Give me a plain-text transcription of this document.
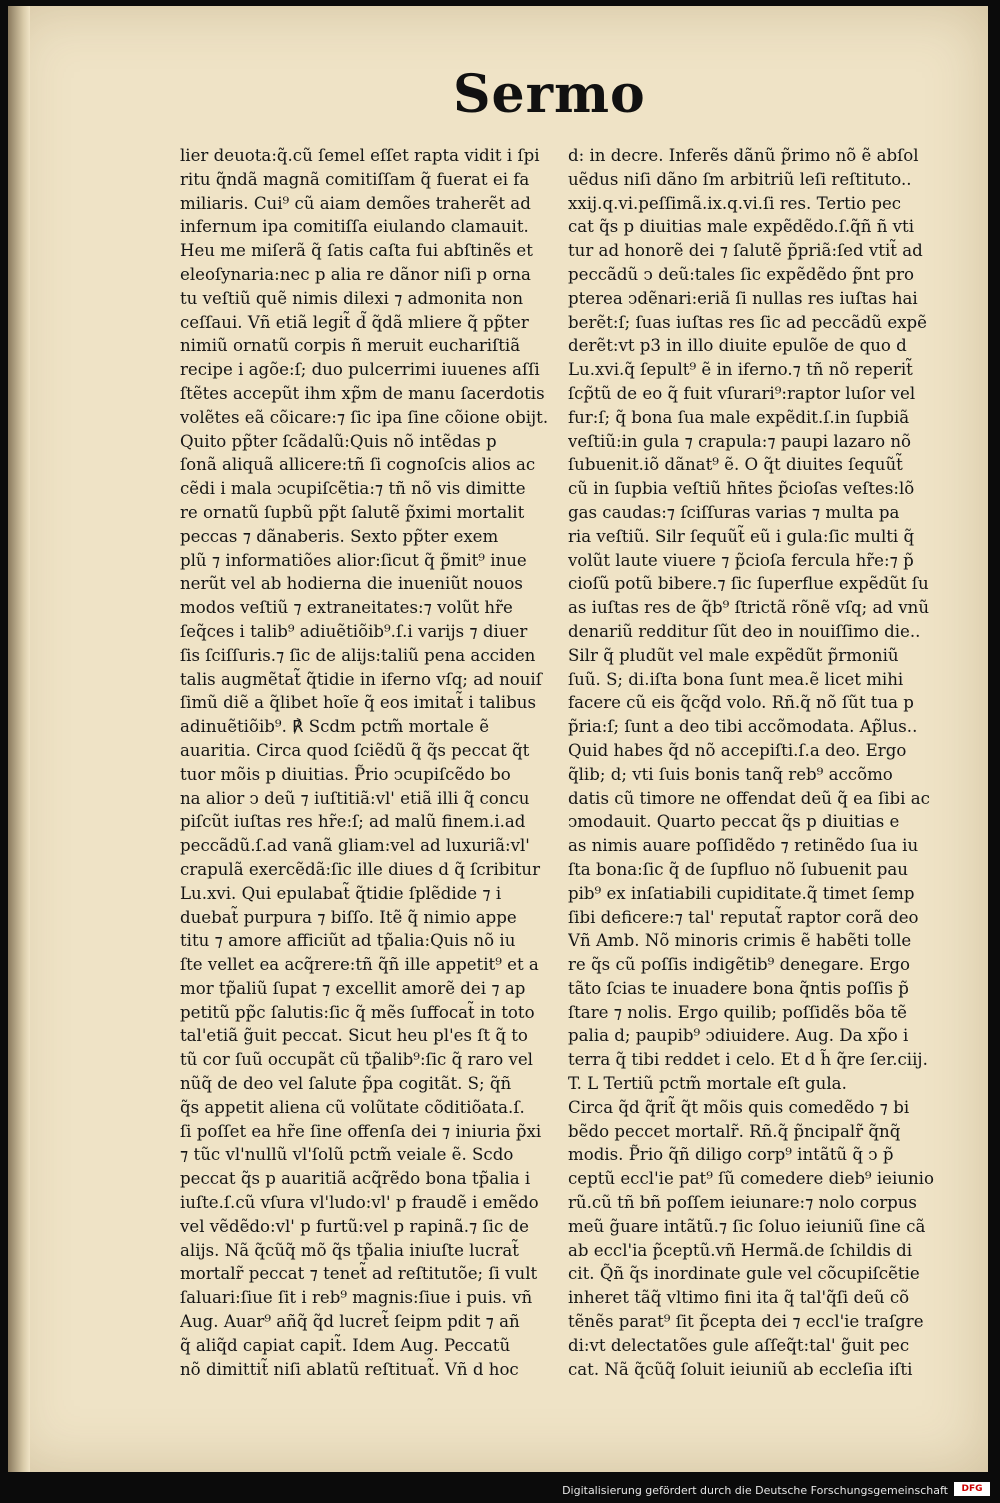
Sermo
lier deuota:q̃.cũ ſemel eſſet rapta vidit i ſpi
ritu q̃ndã magnã comitiſſam q̃ fuerat ei fa
miliaris. Cui⁹ cũ aiam demões traherẽt ad
infernum ipa comitiſſa eiulando clamauit.
Heu me miſerã q̃ ſatis caſta fui abſtinẽs et
eleoſynaria:nec p alia re dãnor niſi p orna
tu veſtiũ quẽ nimis dilexi ⁊ admonita non
ceſſaui. Vñ etiã legit̃ d̃ q̃dã mliere q̃ pp̃ter
nimiũ ornatũ corpis ñ meruit euchariſtiã
recipe i agõe:ſ; duo pulcerrimi iuuenes aſſi
ſtẽtes accepũt ihm xp̃m de manu ſacerdotis
volẽtes eã cõicare:⁊ ſic ipa ſine cõione obijt.
Quito pp̃ter ſcãdalũ:Quis nõ intẽdas p
ſonã aliquã allicere:tñ ſi cognoſcis alios ac
cẽdi i mala ↄcupiſcẽtia:⁊ tñ nõ vis dimitte
re ornatũ ſupbũ pp̃t ſalutẽ p̃ximi mortalit
peccas ⁊ dãnaberis. Sexto pp̃ter exem
plũ ⁊ informatiões alior:ſicut q̃ p̃mit⁹ inue
nerũt vel ab hodierna die inueniũt nouos
modos veſtiũ ⁊ extraneitates:⁊ volũt hr̃e
ſeq̃ces i talib⁹ adiuẽtiõib⁹.ſ.i varijs ⁊ diuer
ſis ſciſſuris.⁊ ſic de alijs:taliũ pena acciden
talis augmẽtat̃ q̃tidie in iferno vſq; ad nouiſ
ſimũ diẽ a q̃libet hoĩe q̃ eos imitat̃ i talibus
adinuẽtiõib⁹. ℟ Scdm pctm̃ mortale ẽ
auaritia. Circa quod ſciẽdũ q̃ q̃s peccat q̃t
tuor mõis p diuitias. P̃rio ↄcupiſcẽdo bo
na alior ↄ deũ ⁊ iuſtitiã:vl' etiã illi q̃ concu
piſcũt iuſtas res hr̃e:ſ; ad malũ finem.i.ad
peccãdũ.ſ.ad vanã gliam:vel ad luxuriã:vl'
crapulã exercẽdã:ſic ille diues d q̃ ſcribitur
Lu.xvi. Qui epulabat̃ q̃tidie ſplẽdide ⁊ i
duebat̃ purpura ⁊ biſſo. Itẽ q̃ nimio appe
titu ⁊ amore afficiũt ad tp̃alia:Quis nõ iu
ſte vellet ea acq̃rere:tñ q̃ñ ille appetit⁹ et a
mor tp̃aliũ ſupat ⁊ excellit amorẽ dei ⁊ ap
petitũ pp̃c ſalutis:ſic q̃ mẽs ſuffocat̃ in toto
tal'etiã g̃uit peccat. Sicut heu pl'es ſt q̃ to
tũ cor ſuũ occupãt cũ tp̃alib⁹:ſic q̃ raro vel
nũq̃ de deo vel ſalute p̃pa cogitãt. S; q̃ñ
q̃s appetit aliena cũ volũtate cõditiõata.ſ.
ſi poſſet ea hr̃e ſine offenſa dei ⁊ iniuria p̃xi
⁊ tũc vl'nullũ vl'ſolũ pctm̃ veiale ẽ. Scdo
peccat q̃s p auaritiã acq̃rẽdo bona tp̃alia i
iuſte.ſ.cũ vſura vl'ludo:vl' p fraudẽ i emẽdo
vel vẽdẽdo:vl' p furtũ:vel p rapinã.⁊ ſic de
alijs. Nã q̃cũq̃ mõ q̃s tp̃alia iniuſte lucrat̃
mortalr̃ peccat ⁊ tenet̃ ad reſtitutõe; ſi vult
ſaluari:ſiue ſit i reb⁹ magnis:ſiue i puis. vñ
Aug. Auar⁹ añq̃ q̃d lucret̃ ſeipm pdit ⁊ añ
q̃ aliq̃d capiat capit̃. Idem Aug. Peccatũ
nõ dimittit̃ niſi ablatũ reſtituat̃. Vñ d hoc
d: in decre. Inferẽs dãnũ p̃rimo nõ ẽ abſol
uẽdus niſi dãno ſm arbitriũ leſi reſtituto..
xxij.q.vi.peſſimã.ix.q.vi.ſi res. Tertio pec
cat q̃s p diuitias male expẽdẽdo.ſ.q̃ñ ñ vti
tur ad honorẽ dei ⁊ ſalutẽ p̃priã:ſed vtit̃ ad
peccãdũ ↄ deũ:tales ſic expẽdẽdo p̃nt pro
pterea ↄdẽnari:eriã ſi nullas res iuſtas hai
berẽt:ſ; ſuas iuſtas res ſic ad peccãdũ expẽ
derẽt:vt p3 in illo diuite epulõe de quo d
Lu.xvi.q̃ ſepult⁹ ẽ in iferno.⁊ tñ nõ reperit̃
ſcp̃tũ de eo q̃ fuit vſurari⁹:raptor luſor vel
fur:ſ; q̃ bona ſua male expẽdit.ſ.in ſupbiã
veſtiũ:in gula ⁊ crapula:⁊ paupi lazaro nõ
ſubuenit.iõ dãnat⁹ ẽ. O q̃t diuites ſequũt̃
cũ in ſupbia veſtiũ hñtes p̃cioſas veſtes:lõ
gas caudas:⁊ ſciſſuras varias ⁊ multa pa
ria veſtiũ. Silr ſequũt̃ eũ i gula:ſic multi q̃
volũt laute viuere ⁊ p̃cioſa fercula hr̃e:⁊ p̃
cioſũ potũ bibere.⁊ ſic ſuperflue expẽdũt ſu
as iuſtas res de q̃b⁹ ſtrictã rõnẽ vſq; ad vnũ
denariũ redditur ſũt deo in nouiſſimo die..
Silr q̃ pludũt vel male expẽdũt p̃rmoniũ
ſuũ. S; di.iſta bona ſunt mea.ẽ licet mihi
facere cũ eis q̃cq̃d volo. Rñ.q̃ nõ ſũt tua p
p̃ria:ſ; ſunt a deo tibi accõmodata. Ap̃lus..
Quid habes q̃d nõ accepiſti.ſ.a deo. Ergo
q̃lib; d; vti ſuis bonis tanq̃ reb⁹ accõmo
datis cũ timore ne offendat deũ q̃ ea ſibi ac
ↄmodauit. Quarto peccat q̃s p diuitias e
as nimis auare poſſidẽdo ⁊ retinẽdo ſua iu
ſta bona:ſic q̃ de ſupfluo nõ ſubuenit pau
pib⁹ ex inſatiabili cupiditate.q̃ timet ſemp
ſibi deficere:⁊ tal' reputat̃ raptor corã deo
Vñ Amb. Nõ minoris crimis ẽ habẽti tolle
re q̃s cũ poſſis indigẽtib⁹ denegare. Ergo
tãto ſcias te inuadere bona q̃ntis poſſis p̃
ſtare ⁊ nolis. Ergo quilib; poſſidẽs bõa tẽ
palia d; paupib⁹ ↄdiuidere. Aug. Da xp̃o i
terra q̃ tibi reddet i celo. Et d h̃ q̃re ſer.ciij.
T. L Tertiũ pctm̃ mortale eſt gula.
Circa q̃d q̃rit̃ q̃t mõis quis comedẽdo ⁊ bi
bẽdo peccet mortalr̃. Rñ.q̃ p̃ncipalr̃ q̃nq̃
modis. P̃rio q̃ñ diligo corp⁹ intãtũ q̃ ↄ p̃
ceptũ eccl'ie pat⁹ ſũ comedere dieb⁹ ieiunio
rũ.cũ tñ bñ poſſem ieiunare:⁊ nolo corpus
meũ g̃uare intãtũ.⁊ ſic ſoluo ieiuniũ ſine cã
ab eccl'ia p̃ceptũ.vñ Hermã.de ſchildis di
cit. Q̃ñ q̃s inordinate gule vel cõcupiſcẽtie
inheret tãq̃ vltimo fini ita q̃ tal'q̃ſi deũ cõ
tẽnẽs parat⁹ ſit p̃cepta dei ⁊ eccl'ie traſgre
di:vt delectatões gule aſſeq̃t:tal' g̃uit pec
cat. Nã q̃cũq̃ ſoluit ieiuniũ ab eccleſia iſti
Digitalisierung gefördert durch die Deutsche Forschungsgemeinschaft	DFG
